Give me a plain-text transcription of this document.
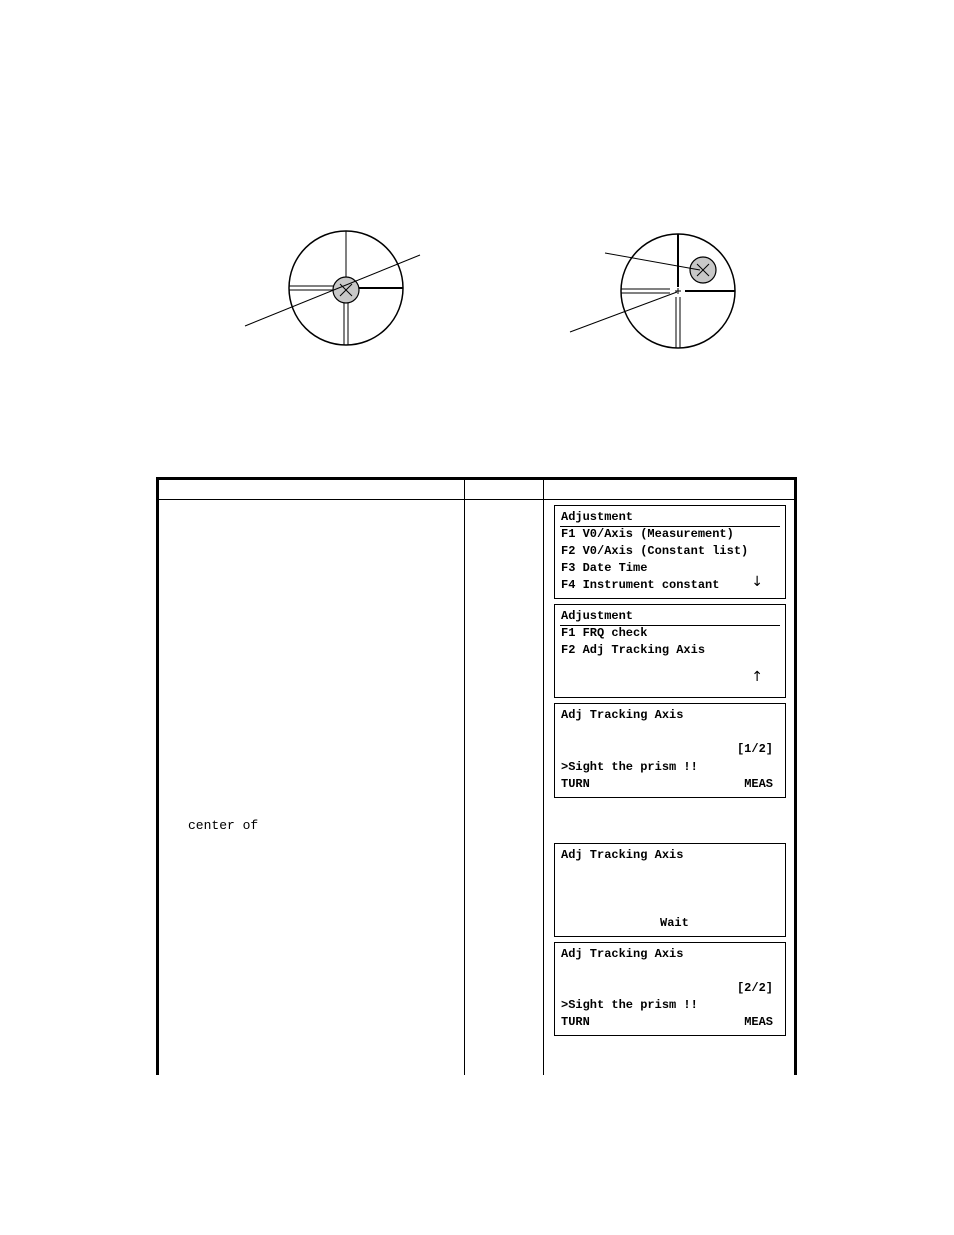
center of
Adjustment
F1 V0/Axis (Measurement)
F2 V0/Axis (Constant list)
F3 Date Time
F4 Instrument constant ↓
Adjustment
F1 FRQ check
F2 Adj Tracking Axis
↑
Adj Tracking Axis
[1/2]
>Sight the prism !!
TURN	MEAS
Adj Tracking Axis
Wait
Adj Tracking Axis
[2/2]
>Sight the prism !!
TURN	MEAS
